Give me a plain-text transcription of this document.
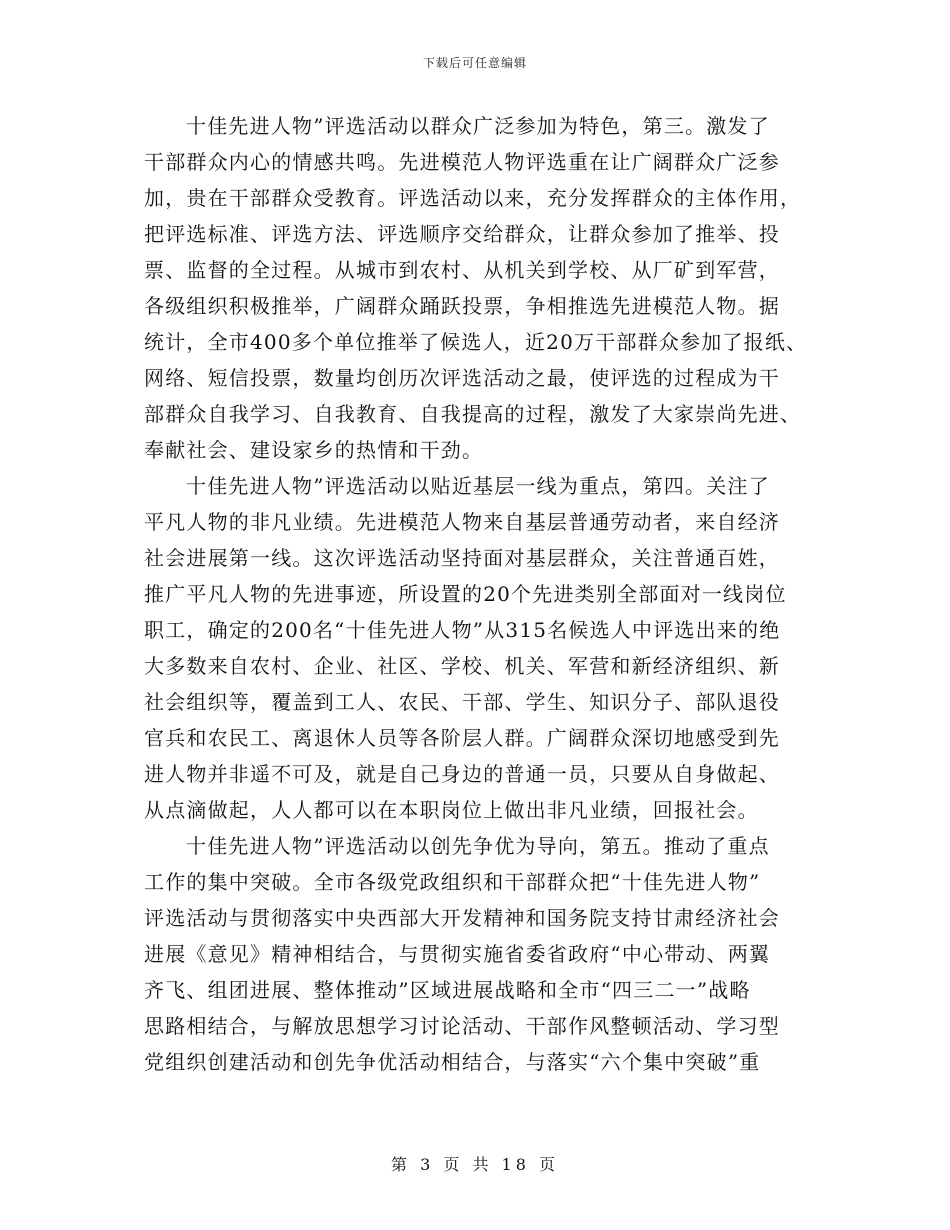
下载后可任意编辑
十佳先进人物”评选活动以群众广泛参加为特色，第三。激发了
干部群众内心的情感共鸣。先进模范人物评选重在让广阔群众广泛参
加，贵在干部群众受教育。评选活动以来，充分发挥群众的主体作用，
把评选标准、评选方法、评选顺序交给群众，让群众参加了推举、投
票、监督的全过程。从城市到农村、从机关到学校、从厂矿到军营，
各级组织积极推举，广阔群众踊跃投票，争相推选先进模范人物。据
统计，全市400多个单位推举了候选人，近20万干部群众参加了报纸、
网络、短信投票，数量均创历次评选活动之最，使评选的过程成为干
部群众自我学习、自我教育、自我提高的过程，激发了大家崇尚先进、
奉献社会、建设家乡的热情和干劲。
十佳先进人物”评选活动以贴近基层一线为重点，第四。关注了
平凡人物的非凡业绩。先进模范人物来自基层普通劳动者，来自经济
社会进展第一线。这次评选活动坚持面对基层群众，关注普通百姓，
推广平凡人物的先进事迹，所设置的20个先进类别全部面对一线岗位
职工，确定的200名“十佳先进人物”从315名候选人中评选出来的绝
大多数来自农村、企业、社区、学校、机关、军营和新经济组织、新
社会组织等，覆盖到工人、农民、干部、学生、知识分子、部队退役
官兵和农民工、离退休人员等各阶层人群。广阔群众深切地感受到先
进人物并非遥不可及，就是自己身边的普通一员，只要从自身做起、
从点滴做起，人人都可以在本职岗位上做出非凡业绩，回报社会。
十佳先进人物”评选活动以创先争优为导向，第五。推动了重点
工作的集中突破。全市各级党政组织和干部群众把“十佳先进人物”
评选活动与贯彻落实中央西部大开发精神和国务院支持甘肃经济社会
进展《意见》精神相结合，与贯彻实施省委省政府“中心带动、两翼
齐飞、组团进展、整体推动”区域进展战略和全市“四三二一”战略
思路相结合，与解放思想学习讨论活动、干部作风整顿活动、学习型
党组织创建活动和创先争优活动相结合，与落实“六个集中突破”重
第 3 页 共 18 页
